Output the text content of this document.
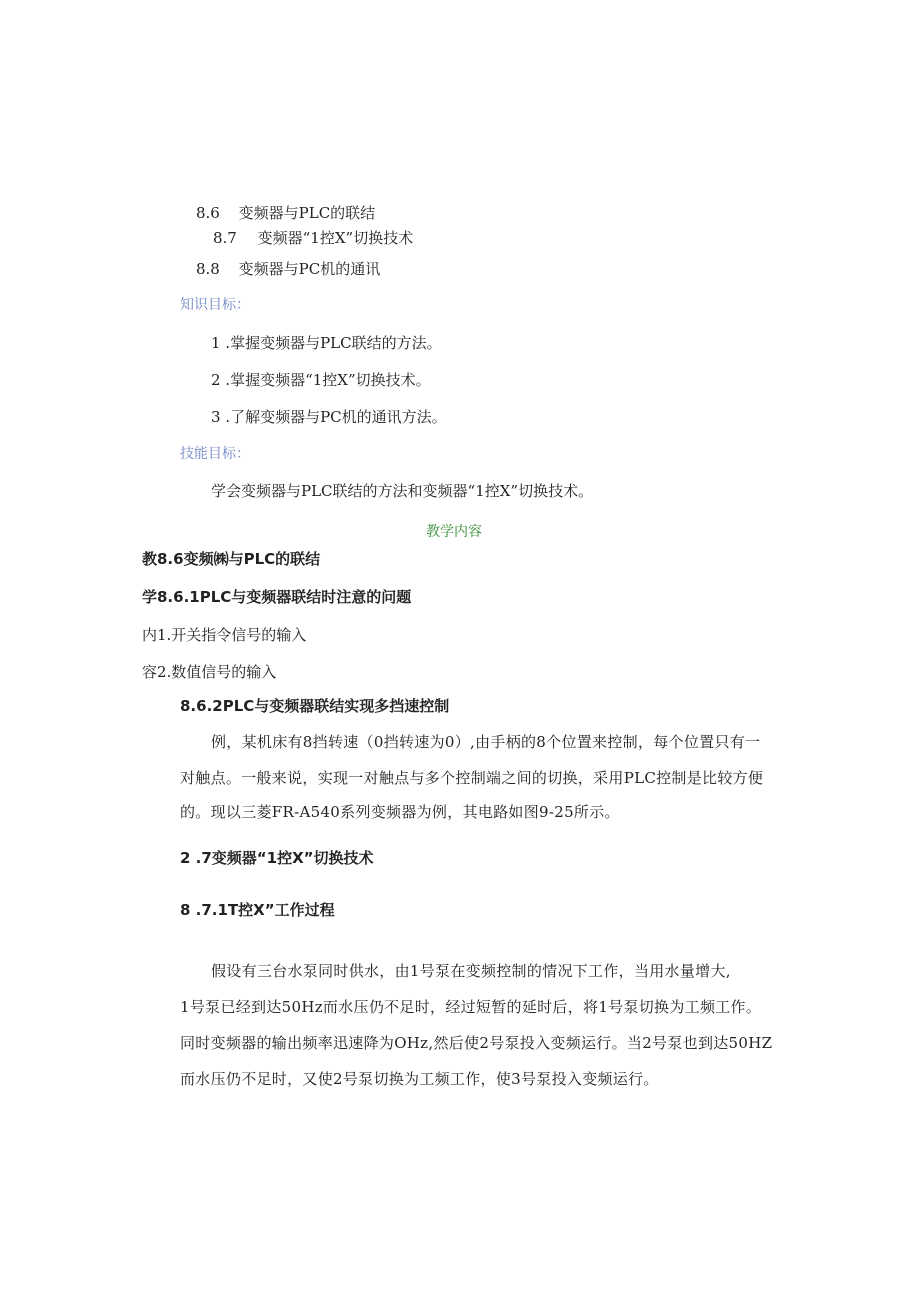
8.6 变频器与PLC的联结
8.7 变频器“1控X”切换技术
8.8 变频器与PC机的通讯
知识目标：
1 .掌握变频器与PLC联结的方法。
2 .掌握变频器“1控X”切换技术。
3 .了解变频器与PC机的通讯方法。
技能目标：
学会变频器与PLC联结的方法和变频器“1控X”切换技术。
教学内容
教8.6变频㈱与PLC的联结
学8.6.1PLC与变频器联结时注意的问题
内1.开关指令信号的输入
容2.数值信号的输入
8.6.2PLC与变频器联结实现多挡速控制
例，某机床有8挡转速（0挡转速为0）,由手柄的8个位置来控制，每个位置只有一
对触点。一般来说，实现一对触点与多个控制端之间的切换，采用PLC控制是比较方便
的。现以三菱FR-A540系列变频器为例，其电路如图9-25所示。
2 .7变频器“1控X”切换技术
8 .7.1T控X”工作过程
假设有三台水泵同时供水，由1号泵在变频控制的情况下工作，当用水量增大,
1号泵已经到达50Hz而水压仍不足时，经过短暂的延时后，将1号泵切换为工频工作。
同时变频器的输出频率迅速降为OHz,然后使2号泵投入变频运行。当2号泵也到达50HZ
而水压仍不足时，又使2号泵切换为工频工作，使3号泵投入变频运行。
